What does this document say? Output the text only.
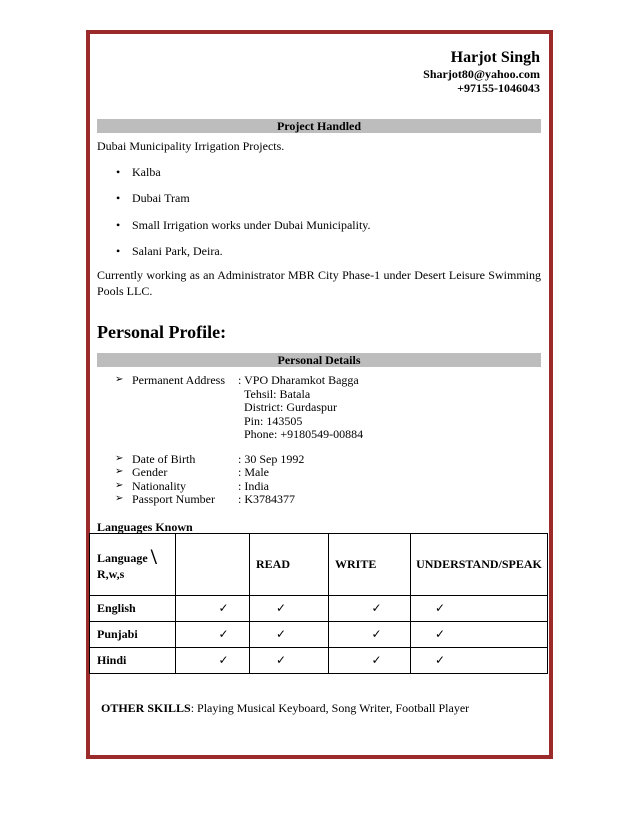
Harjot Singh
Sharjot80@yahoo.com
+97155-1046043
Project Handled
Dubai Municipality Irrigation Projects.
• Kalba
• Dubai Tram
• Small Irrigation works under Dubai Municipality.
• Salani Park, Deira.
Currently working as an Administrator MBR City Phase-1 under Desert Leisure Swimming
Pools LLC.
Personal Profile:
Personal Details
➢ Permanent Address : VPO Dharamkot Bagga
Tehsil: Batala
District: Gurdaspur
Pin: 143505
Phone: +9180549-00884
➢ Date of Birth	: 30 Sep 1992
➢ Gender	: Male
➢ Nationality	: India
➢ Passport Number : K3784377
Languages Known
Language \
R,w,s		READ	WRITE	UNDERSTAND/SPEAK
English	✓	✓	✓	✓
Punjabi	✓	✓	✓	✓
Hindi	✓	✓	✓	✓
OTHER SKILLS: Playing Musical Keyboard, Song Writer, Football Player
